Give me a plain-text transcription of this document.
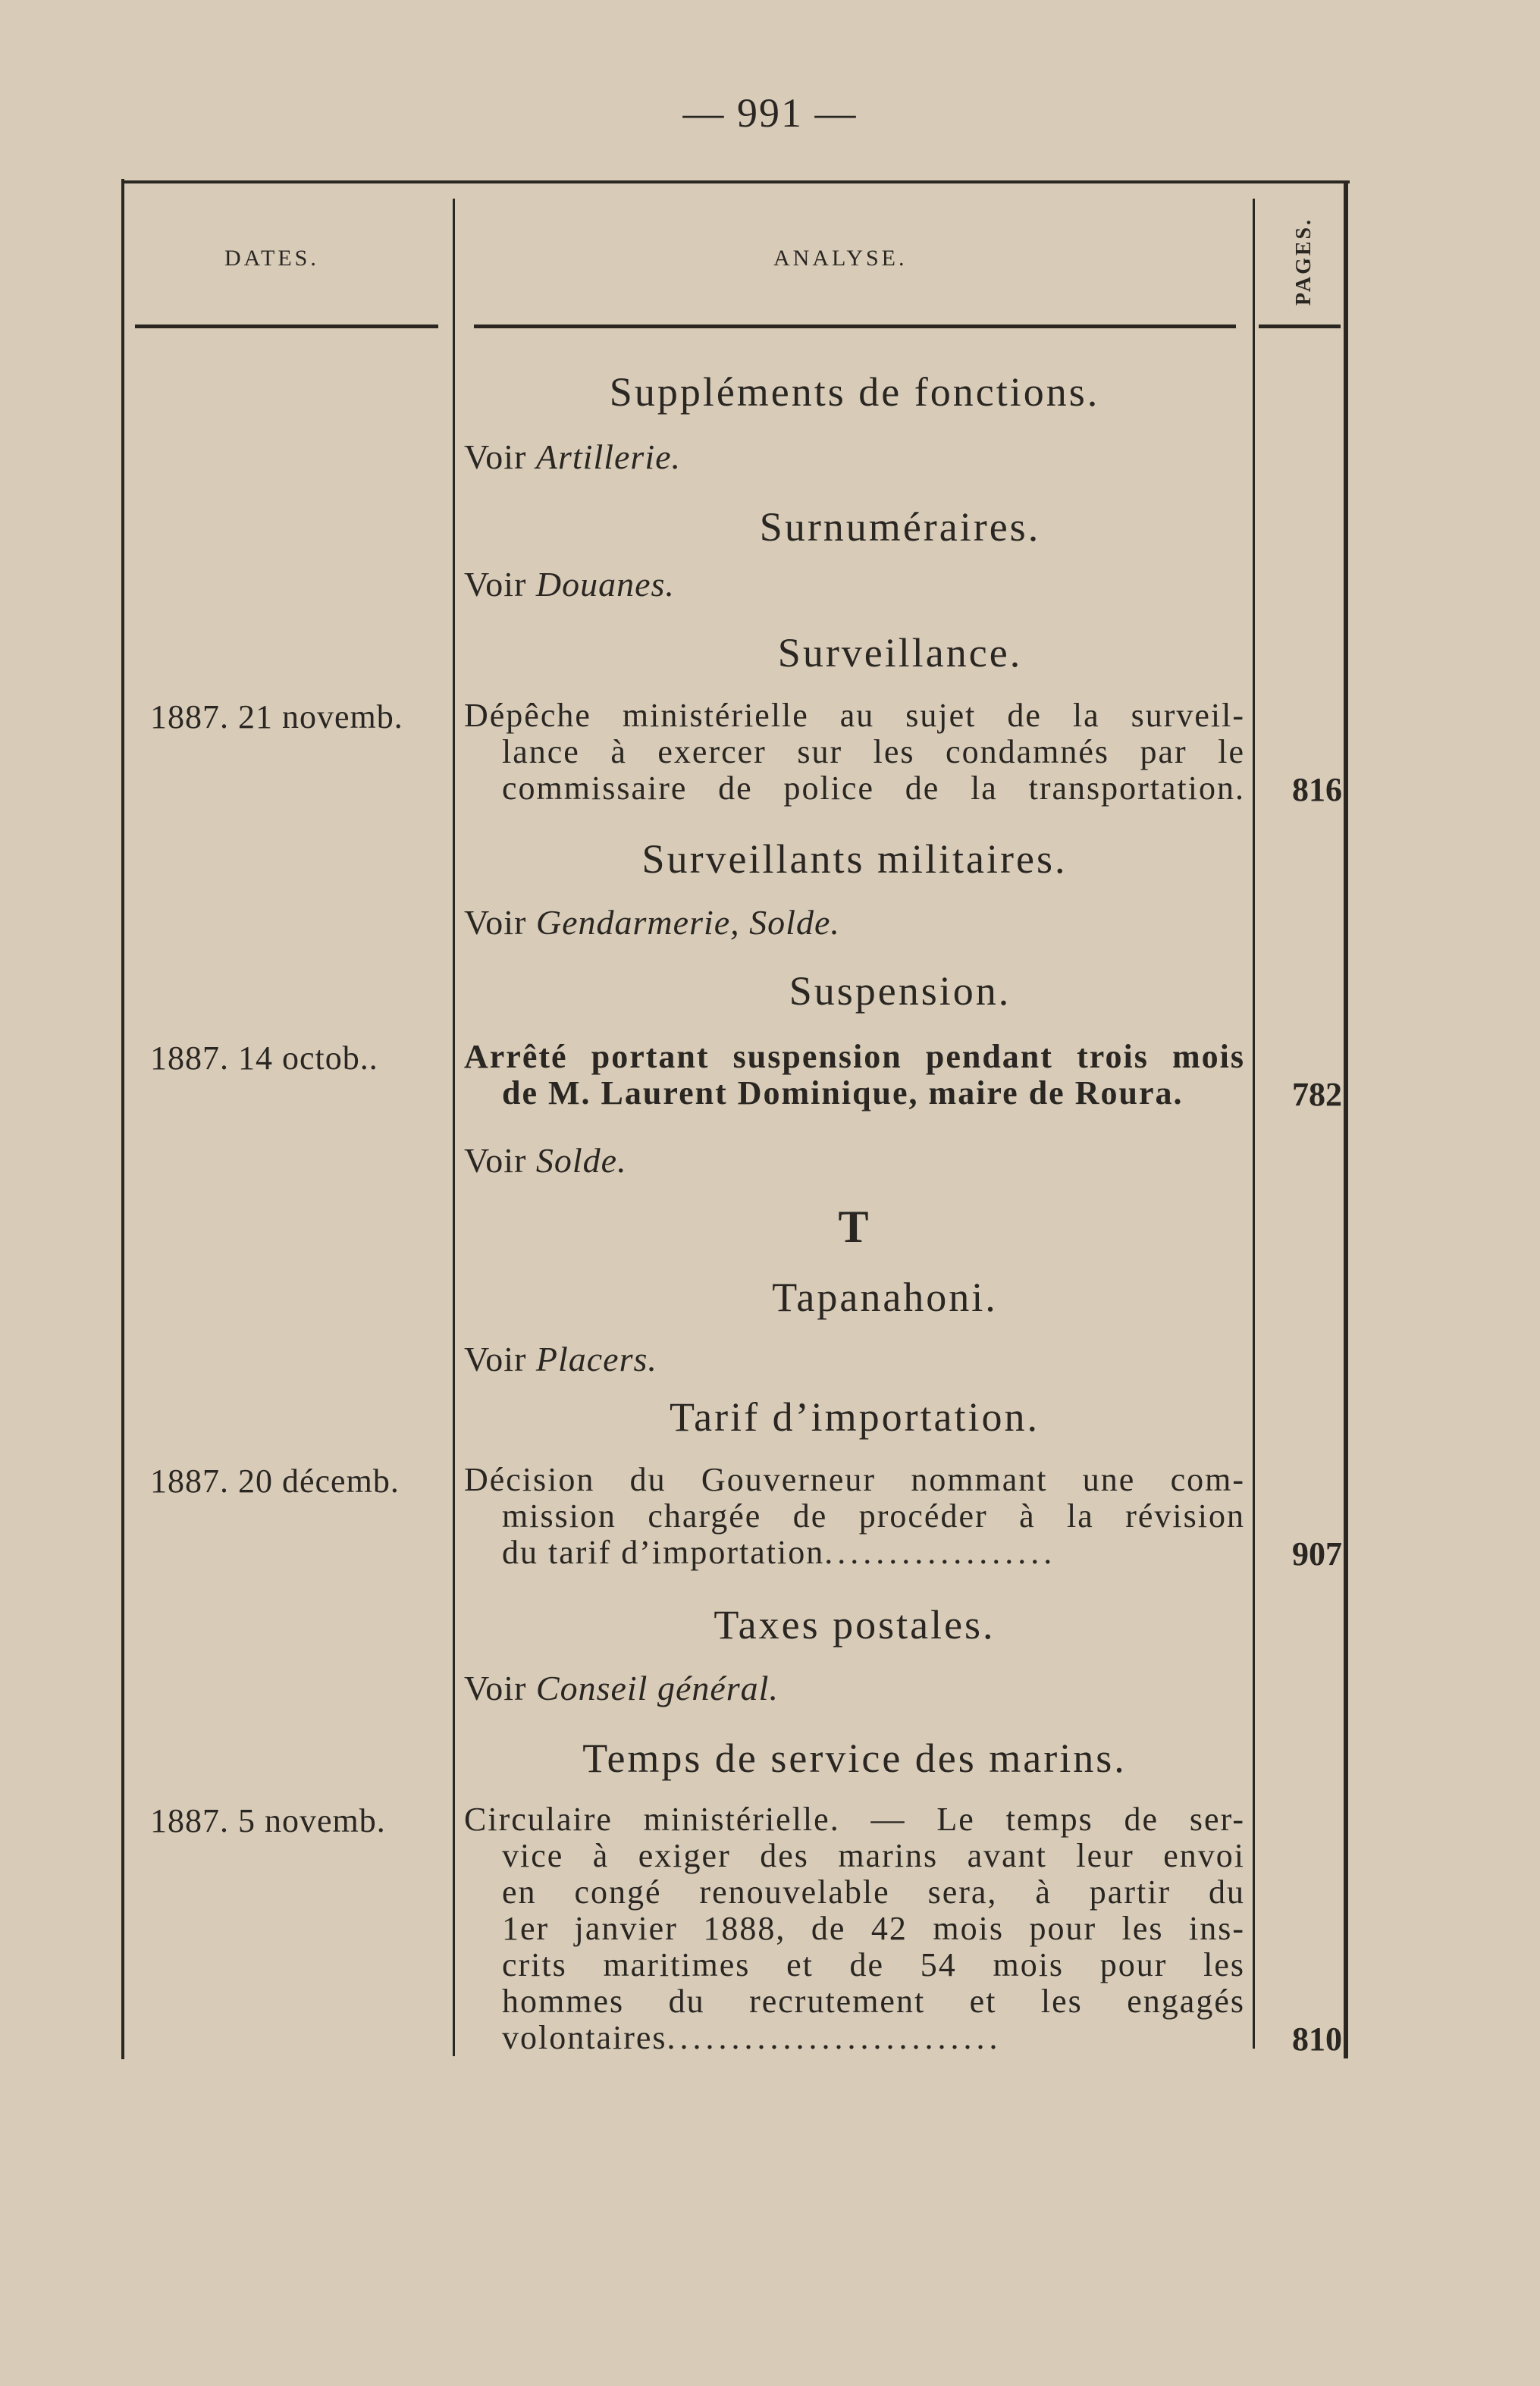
— 991 —
DATES.	ANALYSE.	PAGES.
Suppléments de fonctions.
Voir Artillerie.
Surnuméraires.
Voir Douanes.
Surveillance.
1887. 21 novemb. Dépêche ministérielle au sujet de la surveil-
lance à exercer sur les condamnés par le
commissaire de police de la transportation.	816
Surveillants militaires.
Voir Gendarmerie, Solde.
Suspension.
1887. 14 octob..	Arrêté portant suspension pendant trois mois
de M. Laurent Dominique, maire de Roura.	782
Voir Solde.
T
Tapanahoni.
Voir Placers.
Tarif d’importation.
1887. 20 décemb. Décision du Gouverneur nommant une com-
mission chargée de procéder à la révision
du tarif d’importation..................	907
Taxes postales.
Voir Conseil général.
Temps de service des marins.
1887. 5 novemb. Circulaire ministérielle. — Le temps de ser-
vice à exiger des marins avant leur envoi
en congé renouvelable sera, à partir du
1er janvier 1888, de 42 mois pour les ins-
crits maritimes et de 54 mois pour les
hommes du recrutement et les engagés
volontaires..........................	810
